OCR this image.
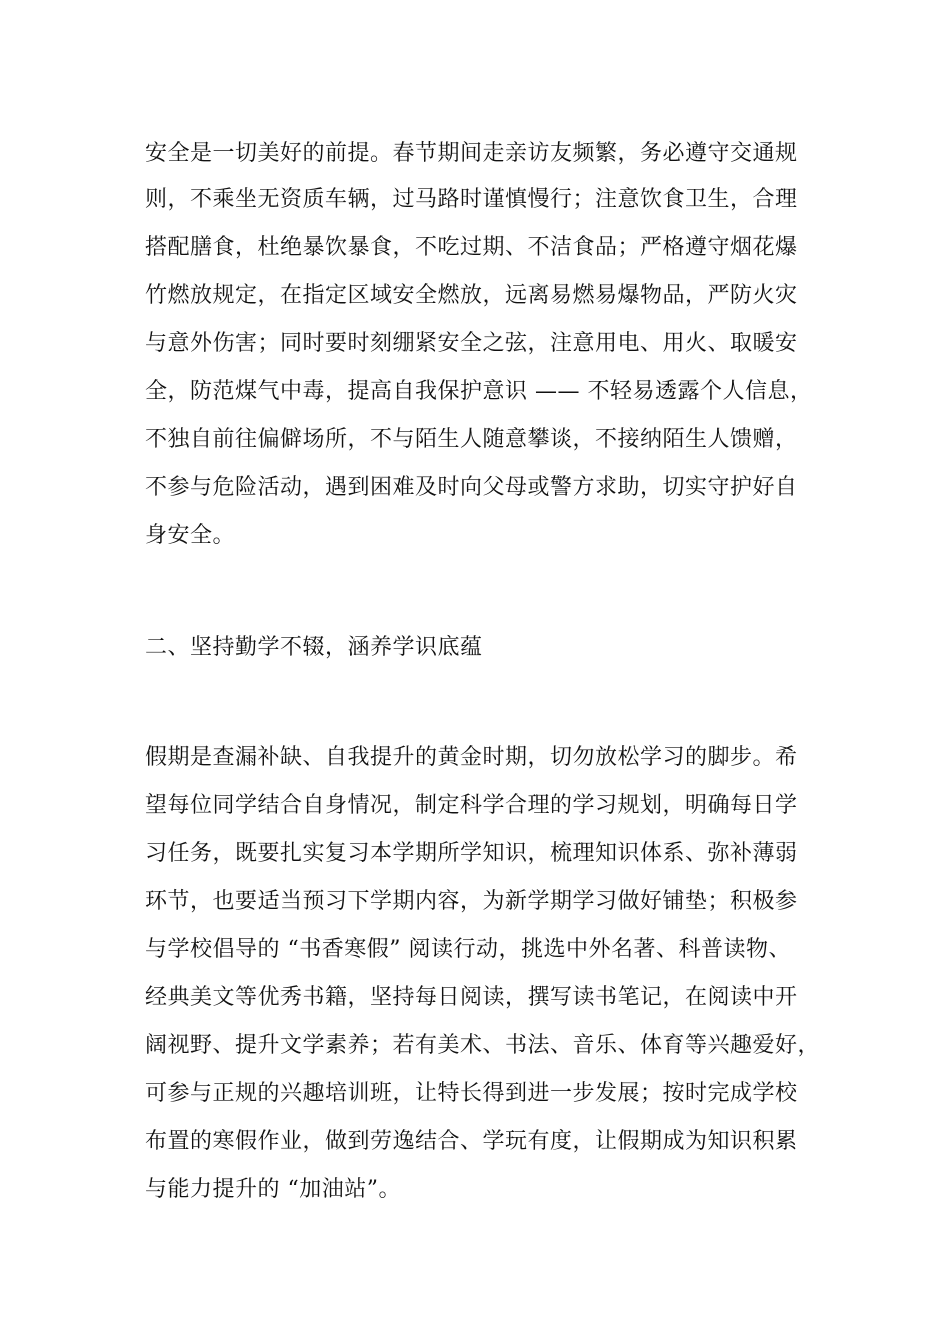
安全是一切美好的前提。春节期间走亲访友频繁，务必遵守交通规
则，不乘坐无资质车辆，过马路时谨慎慢行；注意饮食卫生，合理
搭配膳食，杜绝暴饮暴食，不吃过期、不洁食品；严格遵守烟花爆
竹燃放规定，在指定区域安全燃放，远离易燃易爆物品，严防火灾
与意外伤害；同时要时刻绷紧安全之弦，注意用电、用火、取暖安
全，防范煤气中毒，提高自我保护意识 —— 不轻易透露个人信息，
不独自前往偏僻场所，不与陌生人随意攀谈，不接纳陌生人馈赠，
不参与危险活动，遇到困难及时向父母或警方求助，切实守护好自
身安全。
二、坚持勤学不辍，涵养学识底蕴
假期是查漏补缺、自我提升的黄金时期，切勿放松学习的脚步。希
望每位同学结合自身情况，制定科学合理的学习规划，明确每日学
习任务，既要扎实复习本学期所学知识，梳理知识体系、弥补薄弱
环节，也要适当预习下学期内容，为新学期学习做好铺垫；积极参
与学校倡导的 “书香寒假” 阅读行动，挑选中外名著、科普读物、
经典美文等优秀书籍，坚持每日阅读，撰写读书笔记，在阅读中开
阔视野、提升文学素养；若有美术、书法、音乐、体育等兴趣爱好，
可参与正规的兴趣培训班，让特长得到进一步发展；按时完成学校
布置的寒假作业，做到劳逸结合、学玩有度，让假期成为知识积累
与能力提升的 “加油站”。
